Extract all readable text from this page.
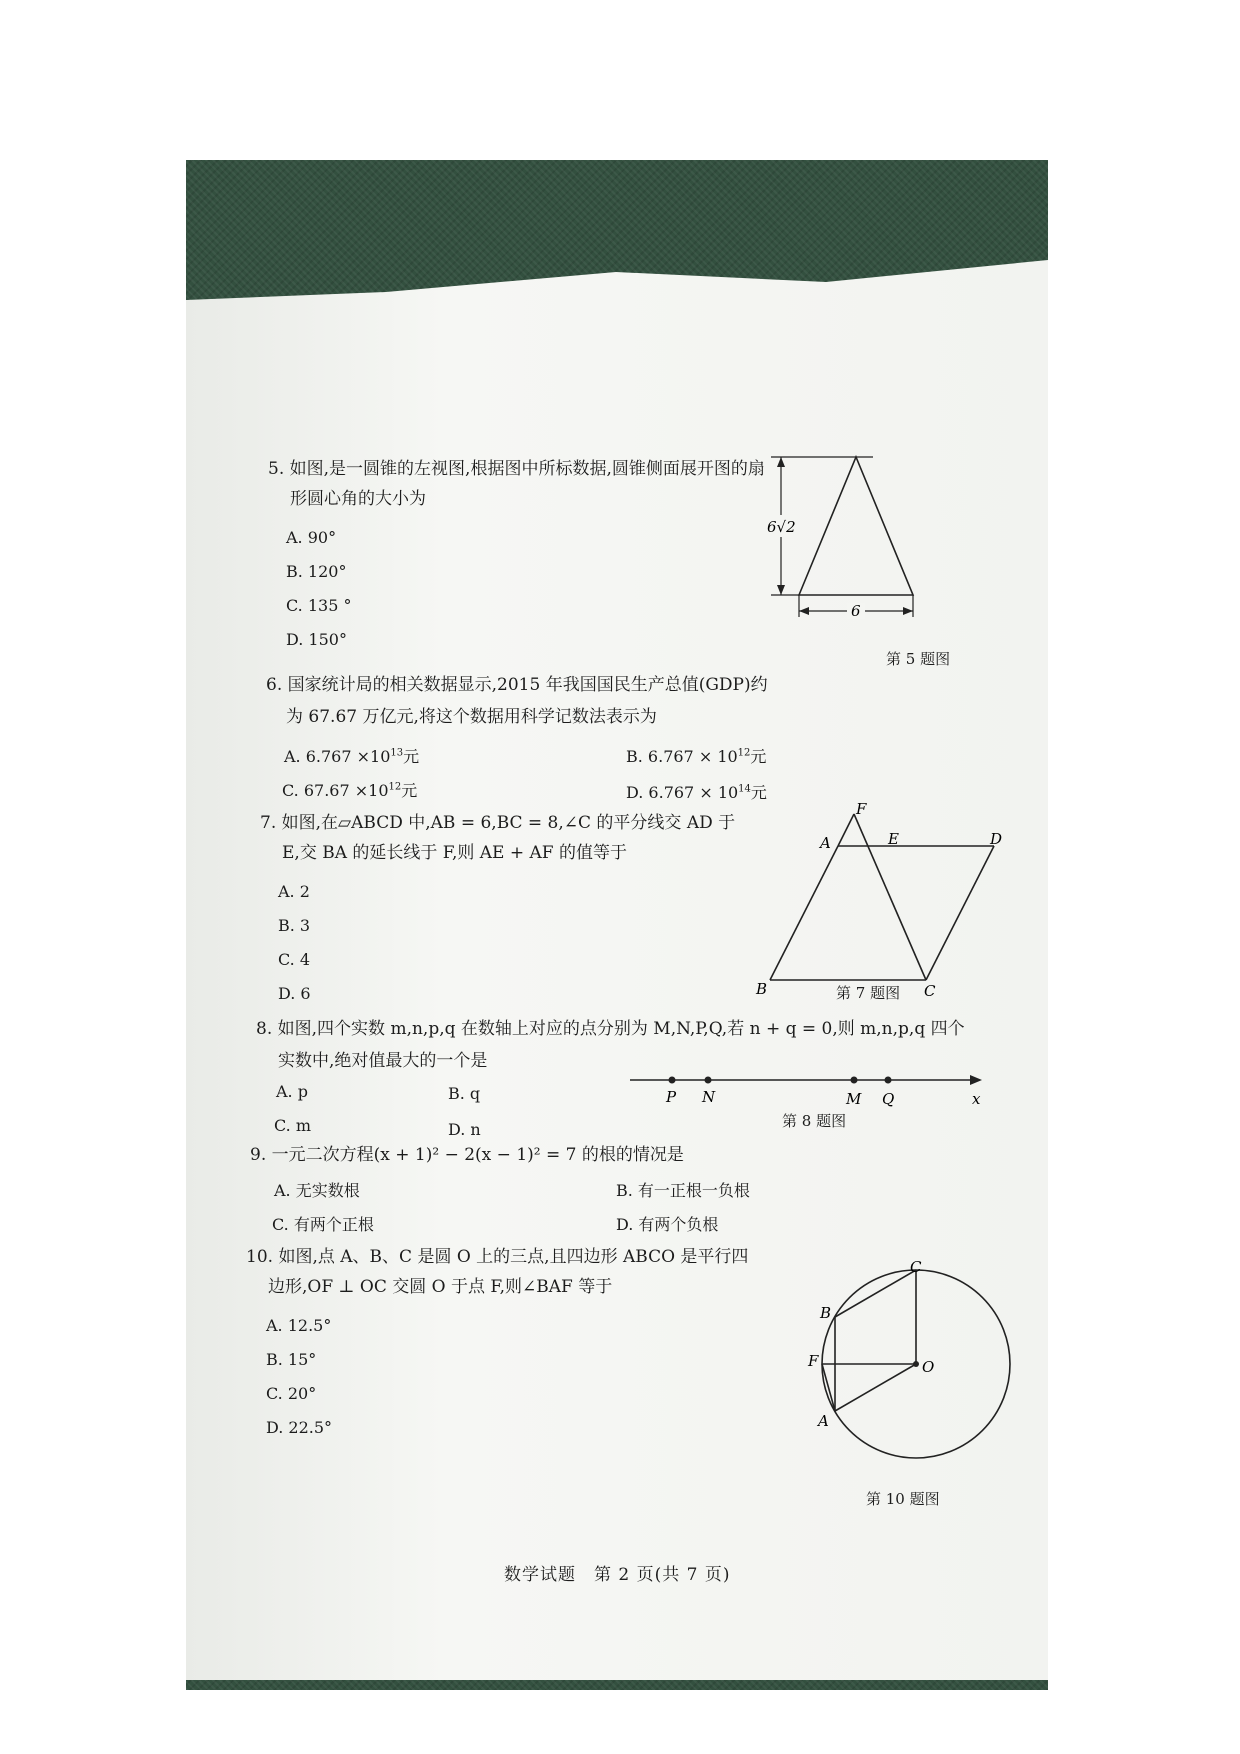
5. 如图,是一圆锥的左视图,根据图中所标数据,圆锥侧面展开图的扇
形圆心角的大小为
A. 90°
B. 120°
C. 135 °
D. 150°
6√2
6
第 5 题图
6. 国家统计局的相关数据显示,2015 年我国国民生产总值(GDP)约
为 67.67 万亿元,将这个数据用科学记数法表示为
A. $6.767 \times 10^{13}$元	B. $6.767 \times 10^{12}$元
C. $67.67 \times 10^{12}$元	D. $6.767 \times 10^{14}$元
7. 如图,在▱ABCD 中,AB = 6,BC = 8,∠C 的平分线交 AD 于
E,交 BA 的延长线于 F,则 AE + AF 的值等于
A. 2
B. 3
C. 4
D. 6
F
A	E	D
B	C
第 7 题图
8. 如图,四个实数 m,n,p,q 在数轴上对应的点分别为 M,N,P,Q,若 n + q = 0,则 m,n,p,q 四个
实数中,绝对值最大的一个是
A. p	B. q
C. m	D. n
P N	M Q	x
第 8 题图
9. 一元二次方程(x + 1)² − 2(x − 1)² = 7 的根的情况是
A. 无实数根	B. 有一正根一负根
C. 有两个正根	D. 有两个负根
10. 如图,点 A、B、C 是圆 O 上的三点,且四边形 ABCO 是平行四
边形,OF ⊥ OC 交圆 O 于点 F,则∠BAF 等于
A. 12.5°
B. 15°
C. 20°
D. 22.5°
C
B
F	O
A
第 10 题图
数学试题　第 2 页(共 7 页)
